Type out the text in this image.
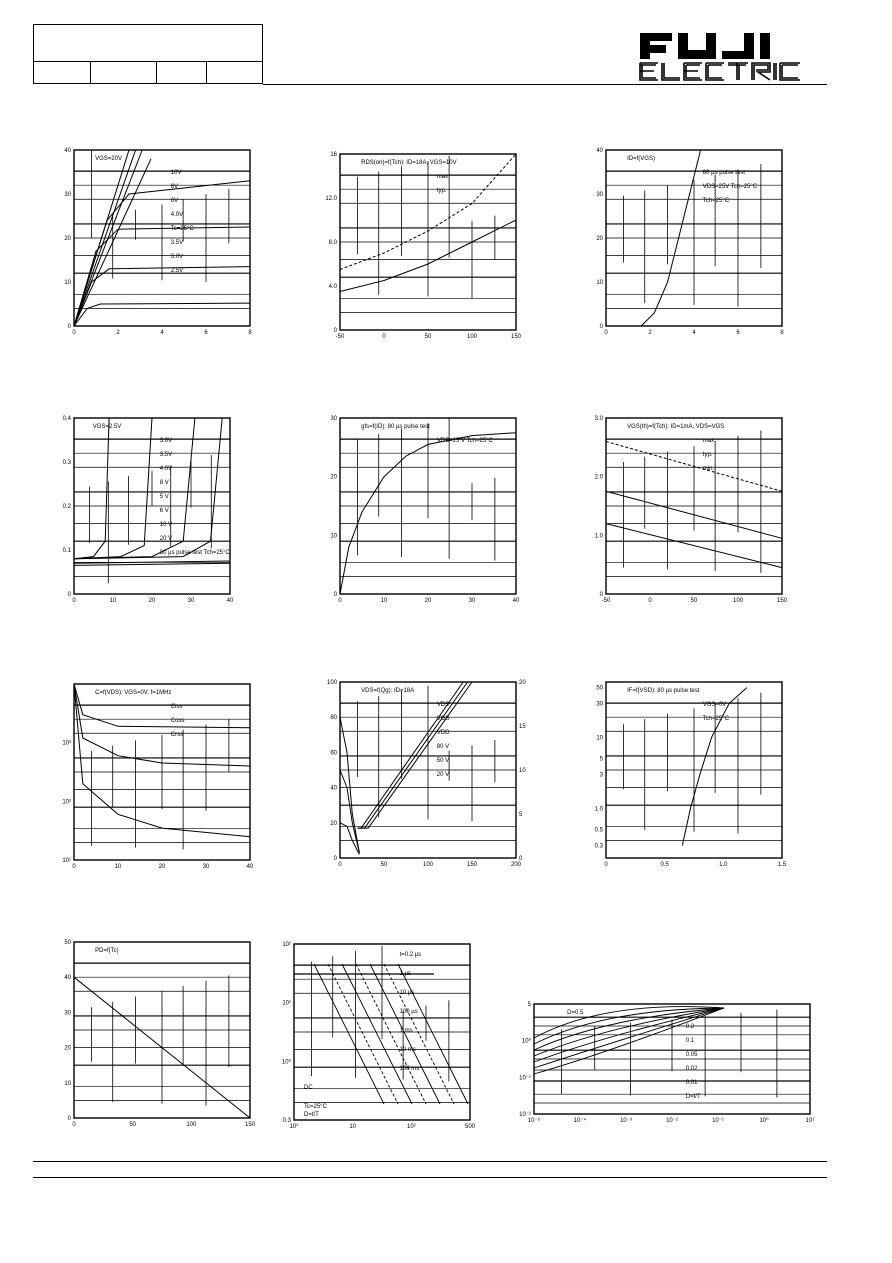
0	2	4	6	8
0
10
20
30
40
VGS=20V
10V
8V
6V
4.0V
Tc=25°C
3.5V
3.0V
2.5V
-50	0	50	100	150
0
4.0
8.0
12.0
16
RDS(on)=f(Tch): ID=18A, VGS=10V
max.
typ.
0	2	4	6	8
0
10
20
30
40
ID=f(VGS)
80 µs pulse test
VDS=25V Tch=25°C
Tch=25°C
0	10	20	30	40
0
0.1
0.2
0.3
0.4
VGS=2.5V
3.0V
3.5V
4.0V
8 V
5 V
6 V
10 V
20 V
80 µs pulse test Tch=25°C
0	10	20	30	40
0
10
20
30
gfs=f(ID): 80 µs pulse test
VDS=25 V Tch=25°C
-50	0	50	100	150
0
1.0
2.0
3.0
VGS(th)=f(Tch): ID=1mA, VDS=VGS
max.
typ.
min.
0	10	20	30	40
10¹
10²
10³
C=f(VDS): VGS=0V, f=1MHz
Ciss
Coss
Crss
0	50	100	150	200
0
20
40
60
80
100
0
5
10
15
20
VDS=f(Qg): ID=18A
VDS
VGS
VDD
80 V
50 V
20 V
0	0.5	1.0	1.5
0.3
0.5
1.0
3
5
10
30
50	IF=f(VSD): 80 µs pulse test
VGS=0V
Tch=25°C
0	50	100	150
0
10
20
30
40
50
PD=f(Tc)
10⁰	10	10²	500
0.3
10⁰
10¹
10²
t=0.2 µs
1 µs
10 µs
100 µs
1 ms
10 ms
100 ms
DC
Tc=25°C
D=t/T
10⁻⁵	10⁻⁴	10⁻³	10⁻²	10⁻¹	10⁰	10¹
10⁻²
10⁻¹
10⁰
5
D=0.5
0.2
0.1
0.05
0.02
0.01
D=t/T
